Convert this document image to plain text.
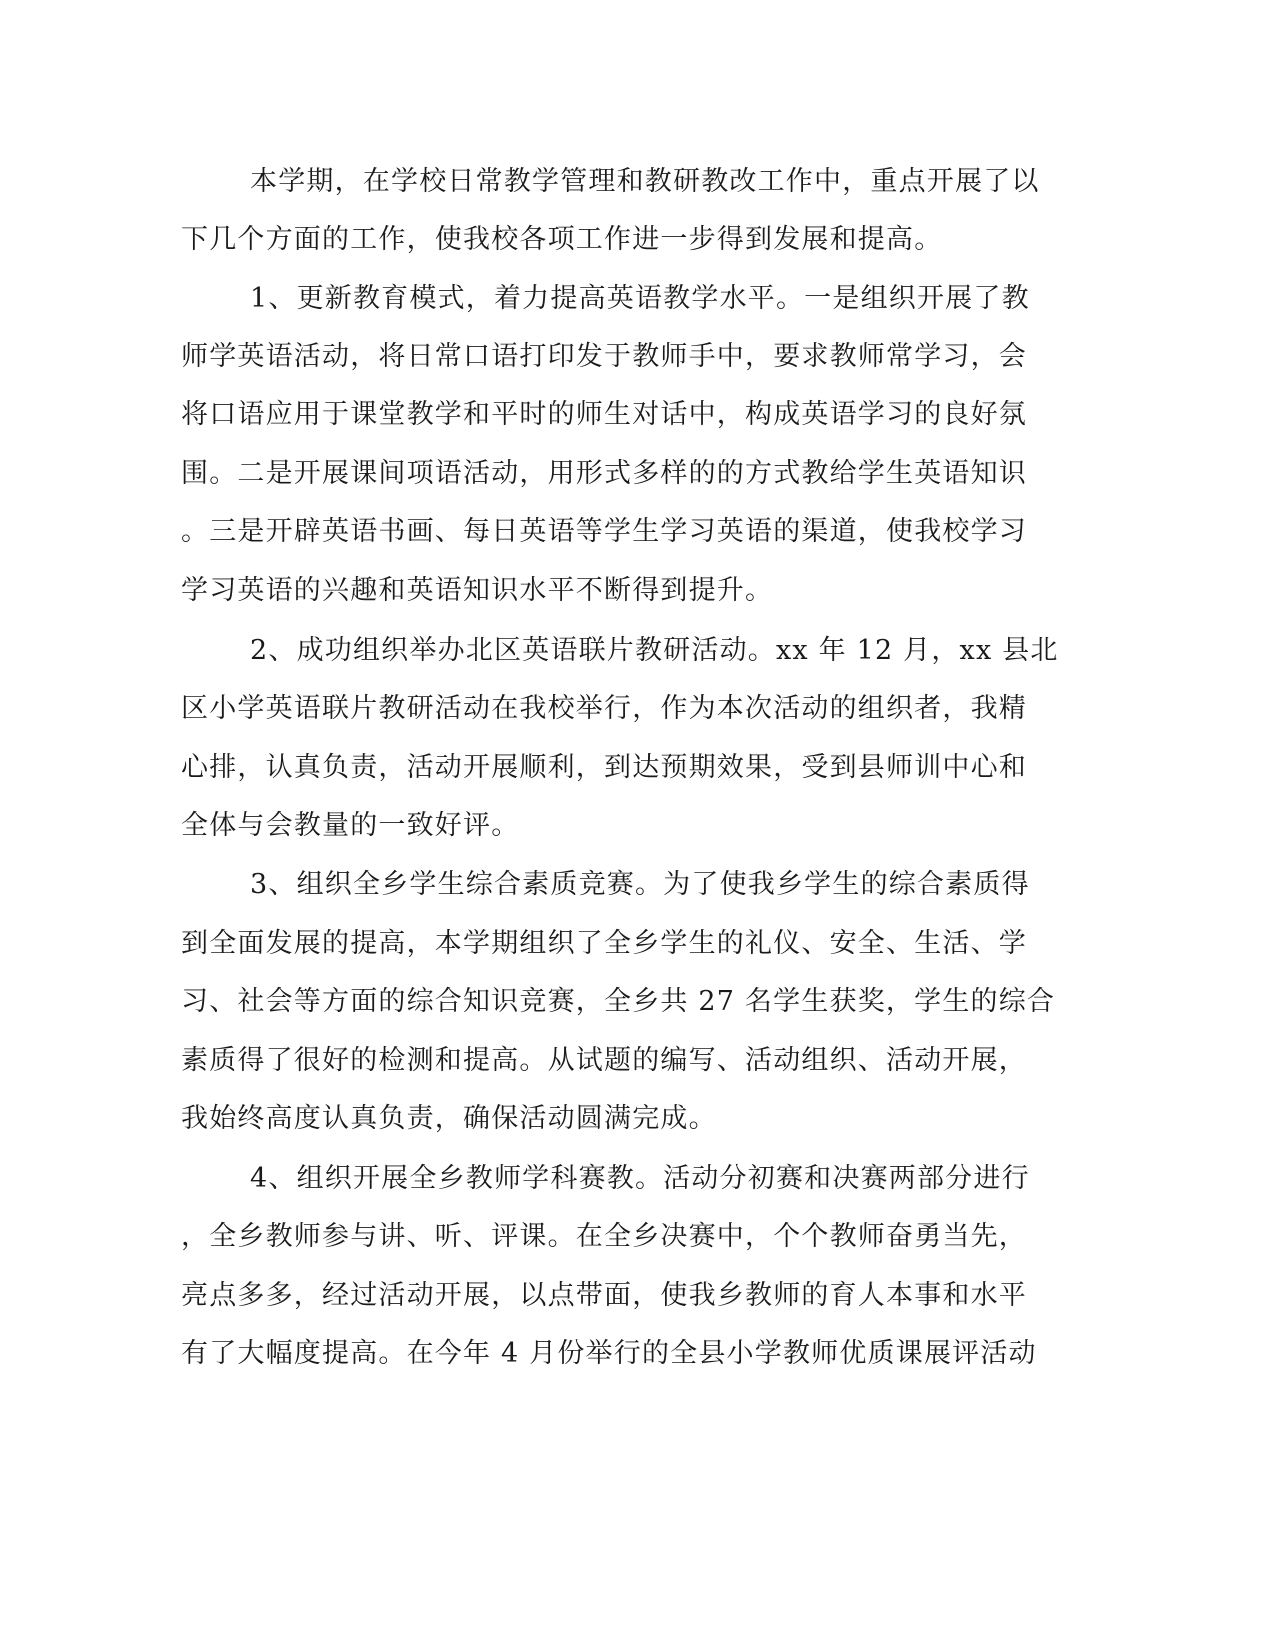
本学期，在学校日常教学管理和教研教改工作中，重点开展了以
下几个方面的工作，使我校各项工作进一步得到发展和提高。
1、更新教育模式，着力提高英语教学水平。一是组织开展了教
师学英语活动，将日常口语打印发于教师手中，要求教师常学习，会
将口语应用于课堂教学和平时的师生对话中，构成英语学习的良好氛
围。二是开展课间项语活动，用形式多样的的方式教给学生英语知识
。三是开辟英语书画、每日英语等学生学习英语的渠道，使我校学习
学习英语的兴趣和英语知识水平不断得到提升。
2、成功组织举办北区英语联片教研活动。xx 年 12 月，xx 县北
区小学英语联片教研活动在我校举行，作为本次活动的组织者，我精
心排，认真负责，活动开展顺利，到达预期效果，受到县师训中心和
全体与会教量的一致好评。
3、组织全乡学生综合素质竞赛。为了使我乡学生的综合素质得
到全面发展的提高，本学期组织了全乡学生的礼仪、安全、生活、学
习、社会等方面的综合知识竞赛，全乡共 27 名学生获奖，学生的综合
素质得了很好的检测和提高。从试题的编写、活动组织、活动开展，
我始终高度认真负责，确保活动圆满完成。
4、组织开展全乡教师学科赛教。活动分初赛和决赛两部分进行
，全乡教师参与讲、听、评课。在全乡决赛中，个个教师奋勇当先，
亮点多多，经过活动开展，以点带面，使我乡教师的育人本事和水平
有了大幅度提高。在今年 4 月份举行的全县小学教师优质课展评活动
